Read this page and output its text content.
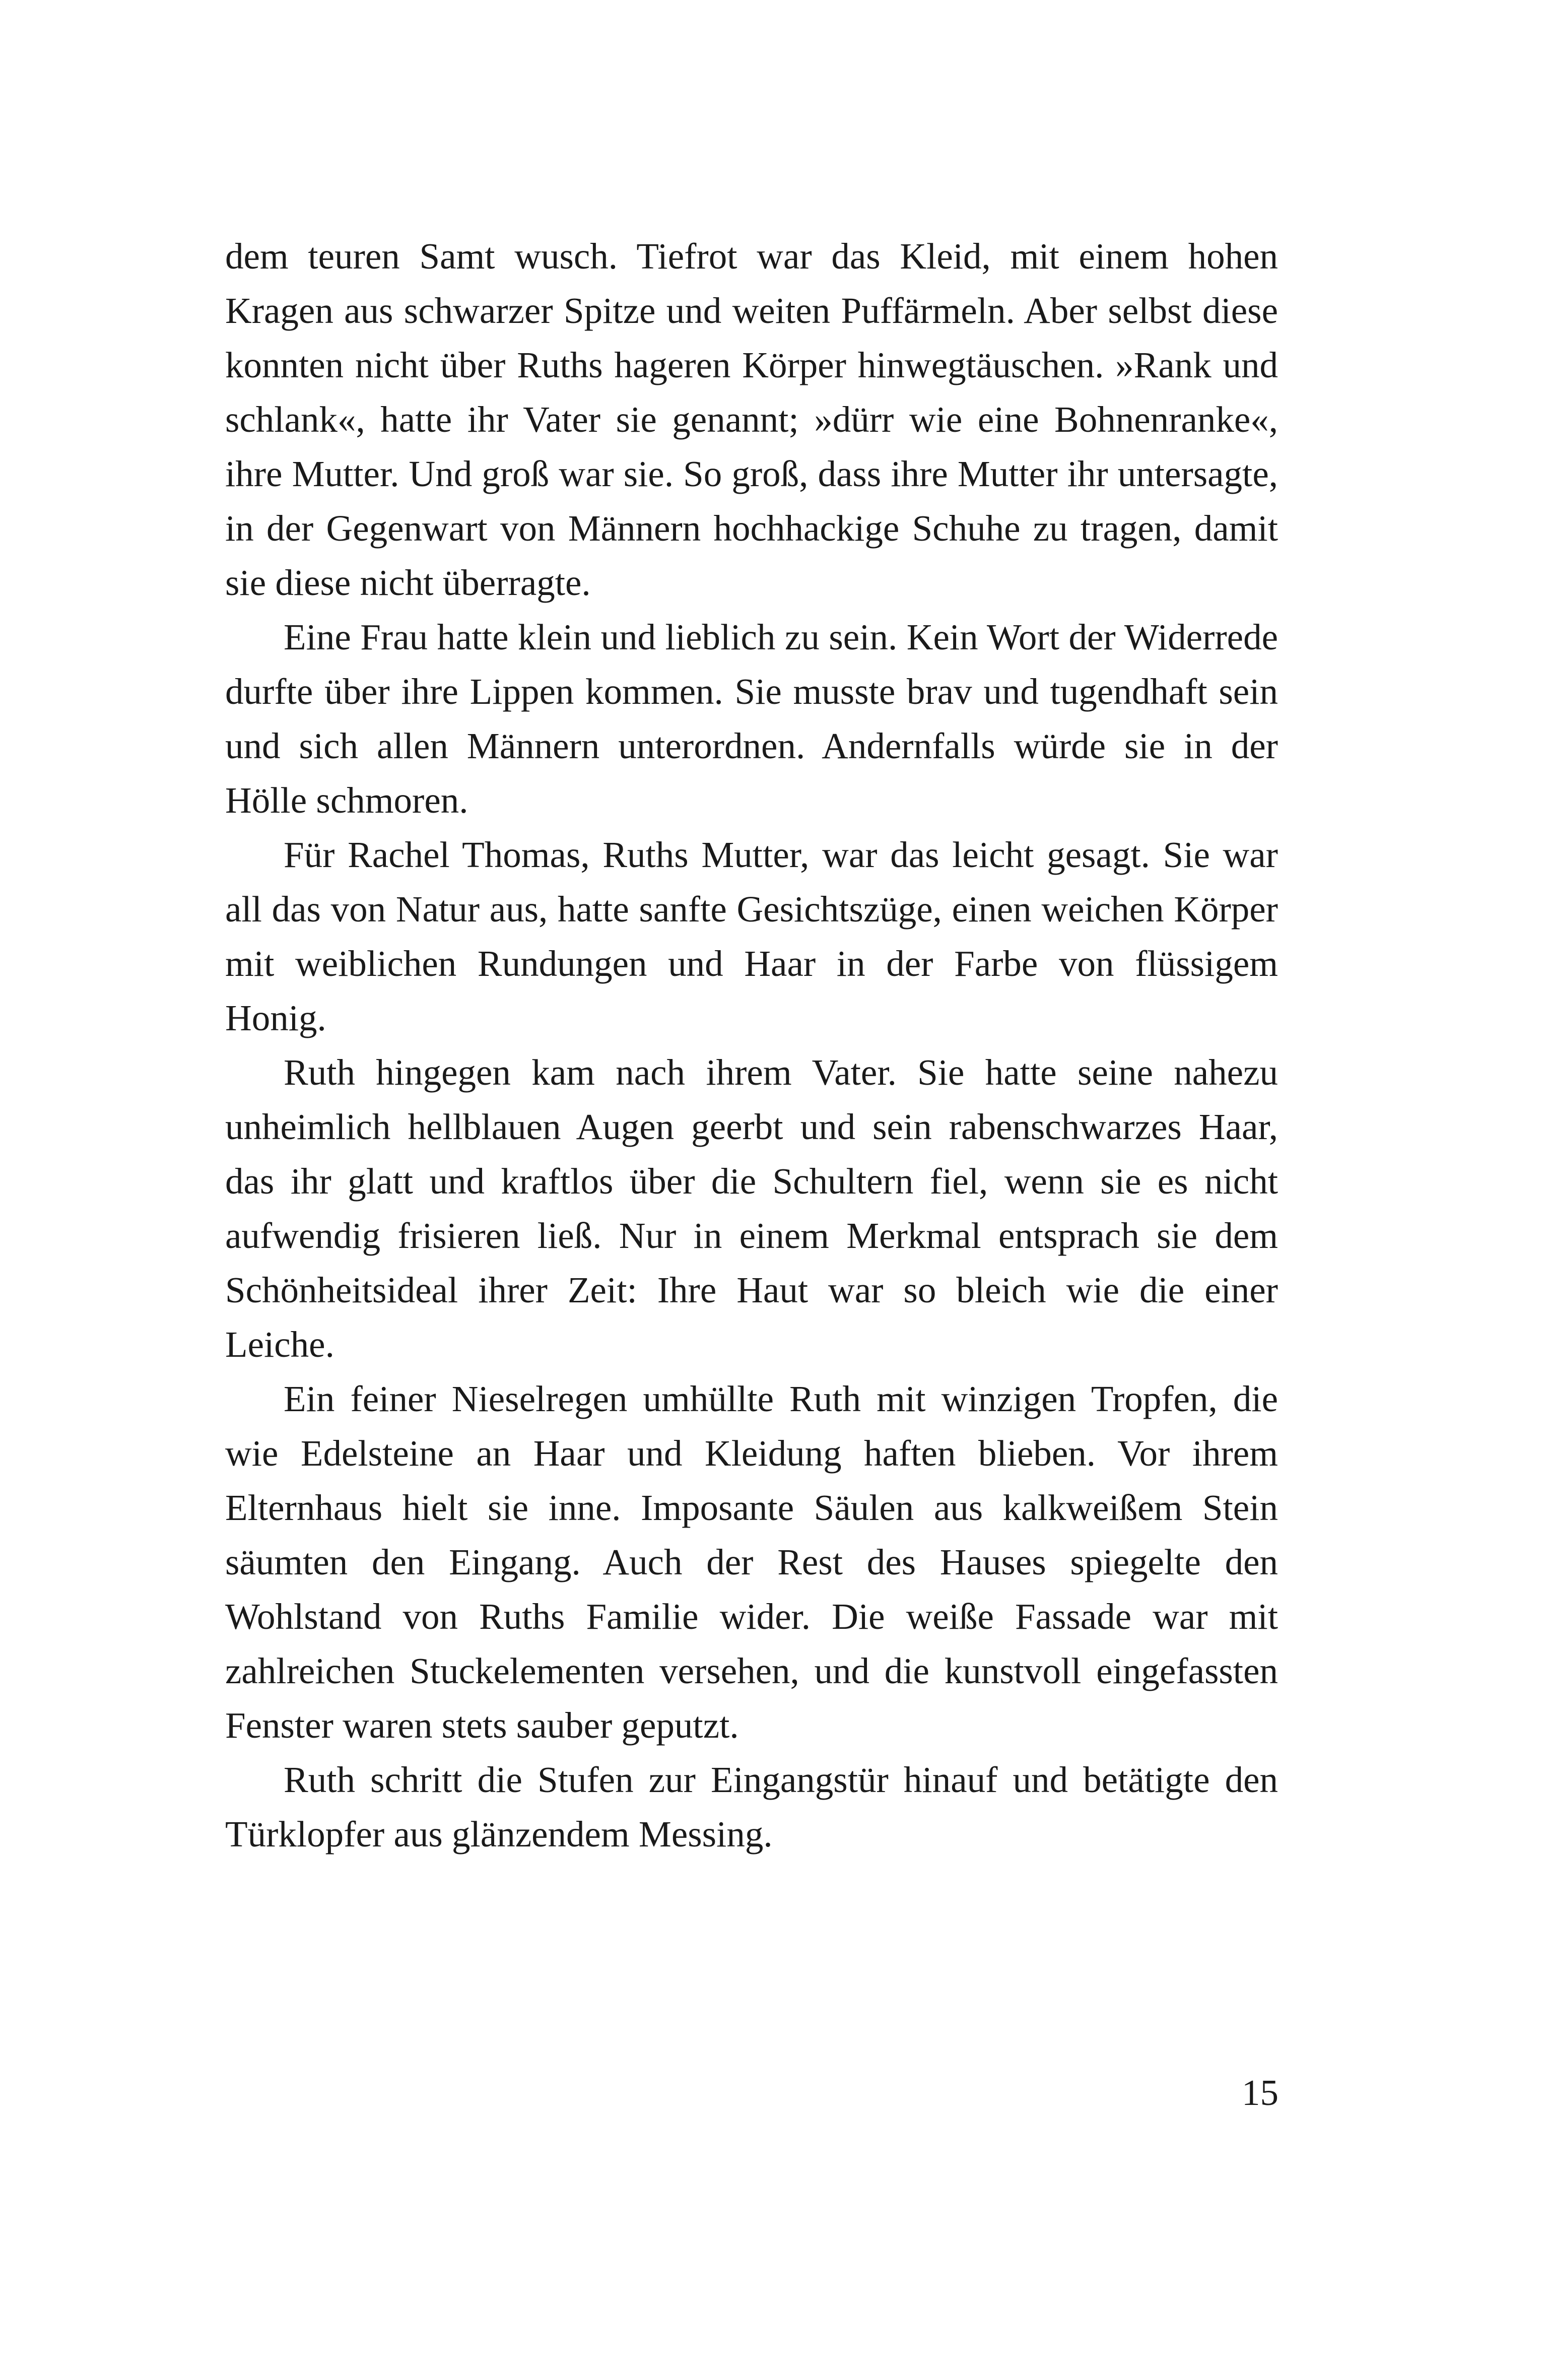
dem teuren Samt wusch. Tiefrot war das Kleid, mit einem hohen Kragen aus schwarzer Spitze und weiten Puffärmeln. Aber selbst diese konnten nicht über Ruths hageren Körper hinwegtäuschen. »Rank und schlank«, hatte ihr Vater sie genannt; »dürr wie eine Bohnenranke«, ihre Mutter. Und groß war sie. So groß, dass ihre Mutter ihr untersagte, in der Gegenwart von Männern hochhackige Schuhe zu tragen, damit sie diese nicht überragte.

Eine Frau hatte klein und lieblich zu sein. Kein Wort der Widerrede durfte über ihre Lippen kommen. Sie musste brav und tugendhaft sein und sich allen Männern unterordnen. Andernfalls würde sie in der Hölle schmoren.

Für Rachel Thomas, Ruths Mutter, war das leicht gesagt. Sie war all das von Natur aus, hatte sanfte Gesichtszüge, einen weichen Körper mit weiblichen Rundungen und Haar in der Farbe von flüssigem Honig.

Ruth hingegen kam nach ihrem Vater. Sie hatte seine nahezu unheimlich hellblauen Augen geerbt und sein rabenschwarzes Haar, das ihr glatt und kraftlos über die Schultern fiel, wenn sie es nicht aufwendig frisieren ließ. Nur in einem Merkmal entsprach sie dem Schönheitsideal ihrer Zeit: Ihre Haut war so bleich wie die einer Leiche.

Ein feiner Nieselregen umhüllte Ruth mit winzigen Tropfen, die wie Edelsteine an Haar und Kleidung haften blieben. Vor ihrem Elternhaus hielt sie inne. Imposante Säulen aus kalkweißem Stein säumten den Eingang. Auch der Rest des Hauses spiegelte den Wohlstand von Ruths Familie wider. Die weiße Fassade war mit zahlreichen Stuckelementen versehen, und die kunstvoll eingefassten Fenster waren stets sauber geputzt.

Ruth schritt die Stufen zur Eingangstür hinauf und betätigte den Türklopfer aus glänzendem Messing.

15
